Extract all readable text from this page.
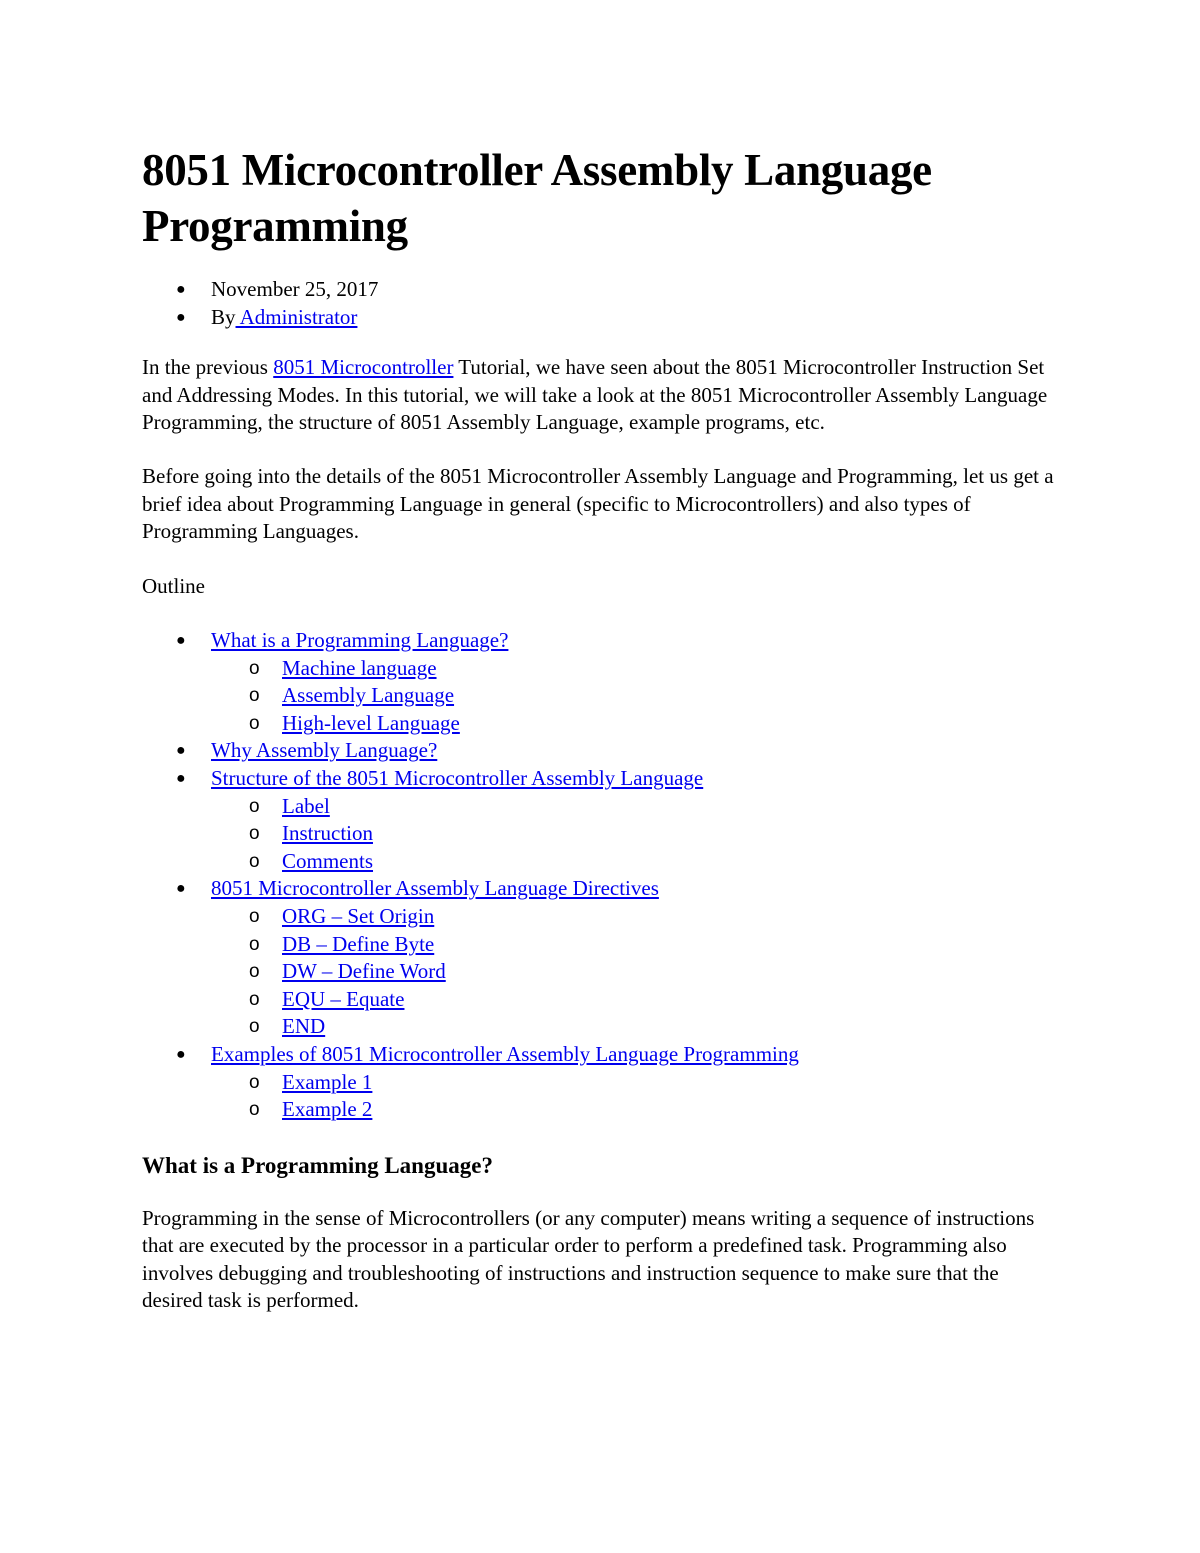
8051 Microcontroller Assembly Language Programming
● November 25, 2017
● By Administrator

In the previous 8051 Microcontroller Tutorial, we have seen about the 8051 Microcontroller Instruction Set and Addressing Modes. In this tutorial, we will take a look at the 8051 Microcontroller Assembly Language Programming, the structure of 8051 Assembly Language, example programs, etc.

Before going into the details of the 8051 Microcontroller Assembly Language and Programming, let us get a brief idea about Programming Language in general (specific to Microcontrollers) and also types of Programming Languages.

Outline

● What is a Programming Language?
o Machine language
o Assembly Language
o High-level Language
● Why Assembly Language?
● Structure of the 8051 Microcontroller Assembly Language
o Label
o Instruction
o Comments
● 8051 Microcontroller Assembly Language Directives
o ORG – Set Origin
o DB – Define Byte
o DW – Define Word
o EQU – Equate
o END
● Examples of 8051 Microcontroller Assembly Language Programming
o Example 1
o Example 2
What is a Programming Language?

Programming in the sense of Microcontrollers (or any computer) means writing a sequence of instructions that are executed by the processor in a particular order to perform a predefined task. Programming also involves debugging and troubleshooting of instructions and instruction sequence to make sure that the desired task is performed.
